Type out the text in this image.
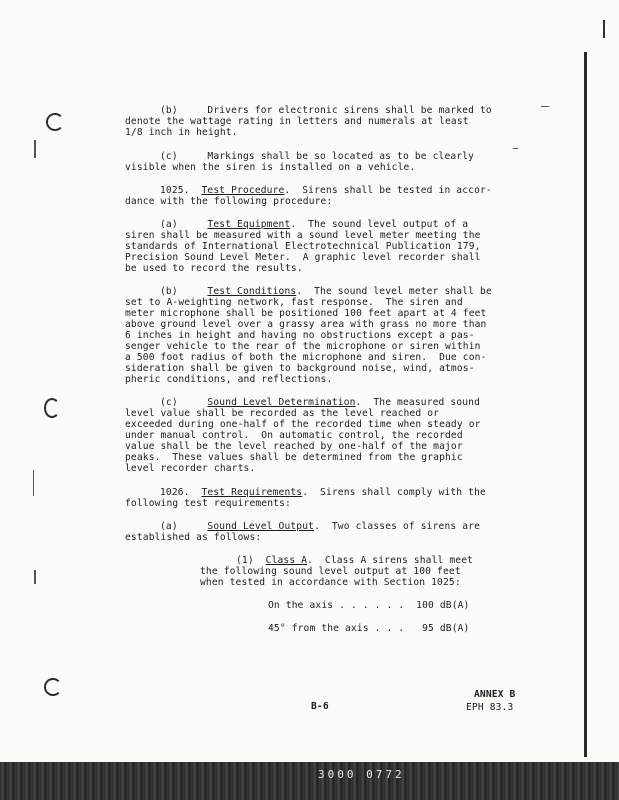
(b)     Drivers for electronic sirens shall be marked to
denote the wattage rating in letters and numerals at least
1/8 inch in height.
(c)     Markings shall be so located as to be clearly
visible when the siren is installed on a vehicle.
1025.  Test Procedure.  Sirens shall be tested in accor-
dance with the following procedure:
(a)     Test Equipment.  The sound level output of a
siren shall be measured with a sound level meter meeting the
standards of International Electrotechnical Publication 179,
Precision Sound Level Meter.  A graphic level recorder shall
be used to record the results.
(b)     Test Conditions.  The sound level meter shall be
set to A-weighting network, fast response.  The siren and
meter microphone shall be positioned 100 feet apart at 4 feet
above ground level over a grassy area with grass no more than
6 inches in height and having no obstructions except a pas-
senger vehicle to the rear of the microphone or siren within
a 500 foot radius of both the microphone and siren.  Due con-
sideration shall be given to background noise, wind, atmos-
pheric conditions, and reflections.
(c)     Sound Level Determination.  The measured sound
level value shall be recorded as the level reached or
exceeded during one-half of the recorded time when steady or
under manual control.  On automatic control, the recorded
value shall be the level reached by one-half of the major
peaks.  These values shall be determined from the graphic
level recorder charts.
1026.  Test Requirements.  Sirens shall comply with the
following test requirements:
(a)     Sound Level Output.  Two classes of sirens are
established as follows:
(1)  Class A.  Class A sirens shall meet
the following sound level output at 100 feet
when tested in accordance with Section 1025:
On the axis . . . . . .  100 dB(A)
45° from the axis . . .   95 dB(A)
B-6
ANNEX B
EPH 83.3
3000 0772
